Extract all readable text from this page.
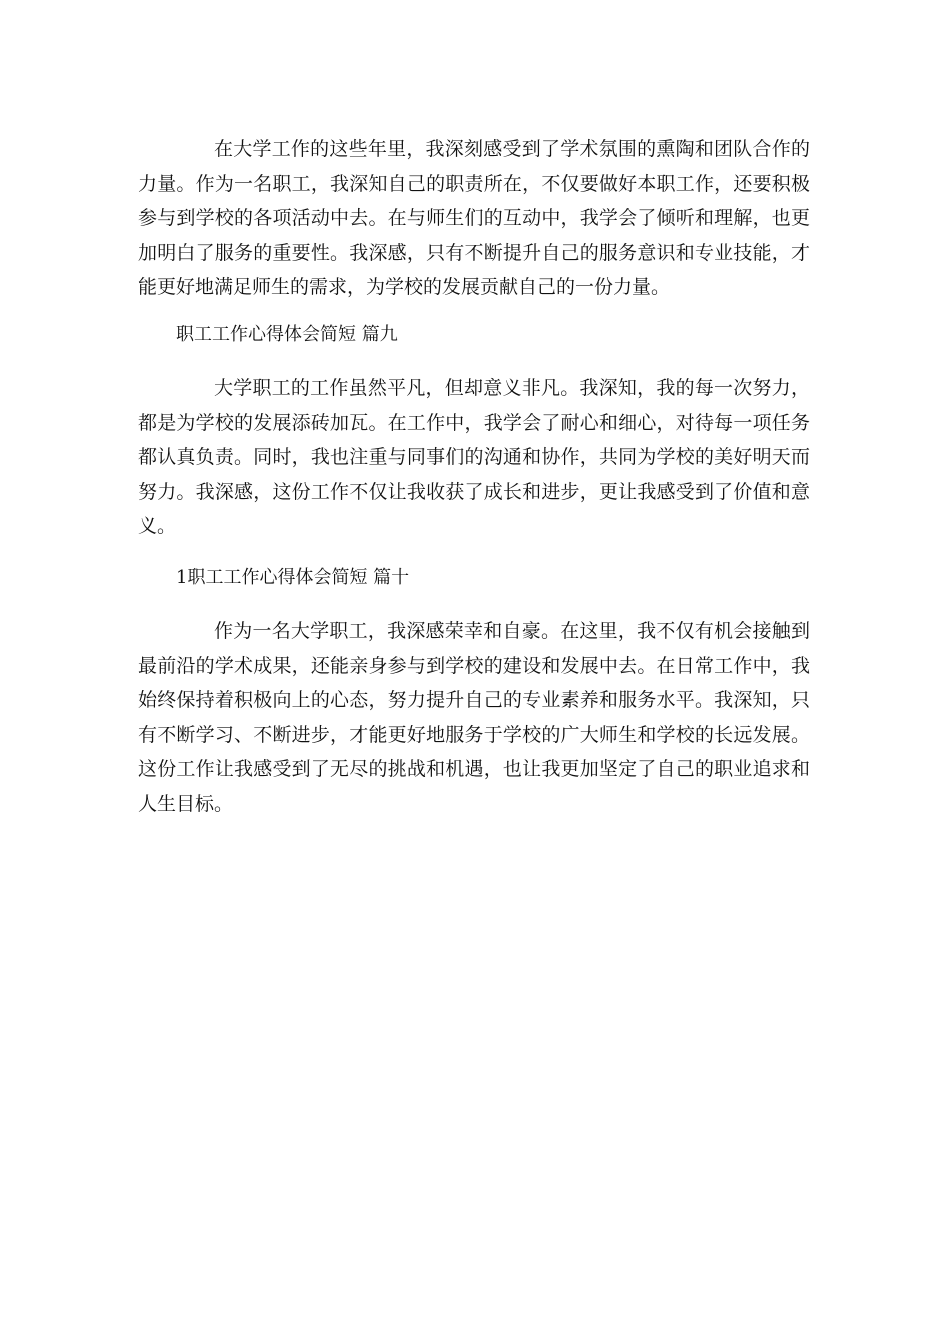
在大学工作的这些年里，我深刻感受到了学术氛围的熏陶和团队合作的力量。作为一名职工，我深知自己的职责所在，不仅要做好本职工作，还要积极参与到学校的各项活动中去。在与师生们的互动中，我学会了倾听和理解，也更加明白了服务的重要性。我深感，只有不断提升自己的服务意识和专业技能，才能更好地满足师生的需求，为学校的发展贡献自己的一份力量。

职工工作心得体会简短 篇九

大学职工的工作虽然平凡，但却意义非凡。我深知，我的每一次努力，都是为学校的发展添砖加瓦。在工作中，我学会了耐心和细心，对待每一项任务都认真负责。同时，我也注重与同事们的沟通和协作，共同为学校的美好明天而努力。我深感，这份工作不仅让我收获了成长和进步，更让我感受到了价值和意义。

1职工工作心得体会简短 篇十

作为一名大学职工，我深感荣幸和自豪。在这里，我不仅有机会接触到最前沿的学术成果，还能亲身参与到学校的建设和发展中去。在日常工作中，我始终保持着积极向上的心态，努力提升自己的专业素养和服务水平。我深知，只有不断学习、不断进步，才能更好地服务于学校的广大师生和学校的长远发展。这份工作让我感受到了无尽的挑战和机遇，也让我更加坚定了自己的职业追求和人生目标。
